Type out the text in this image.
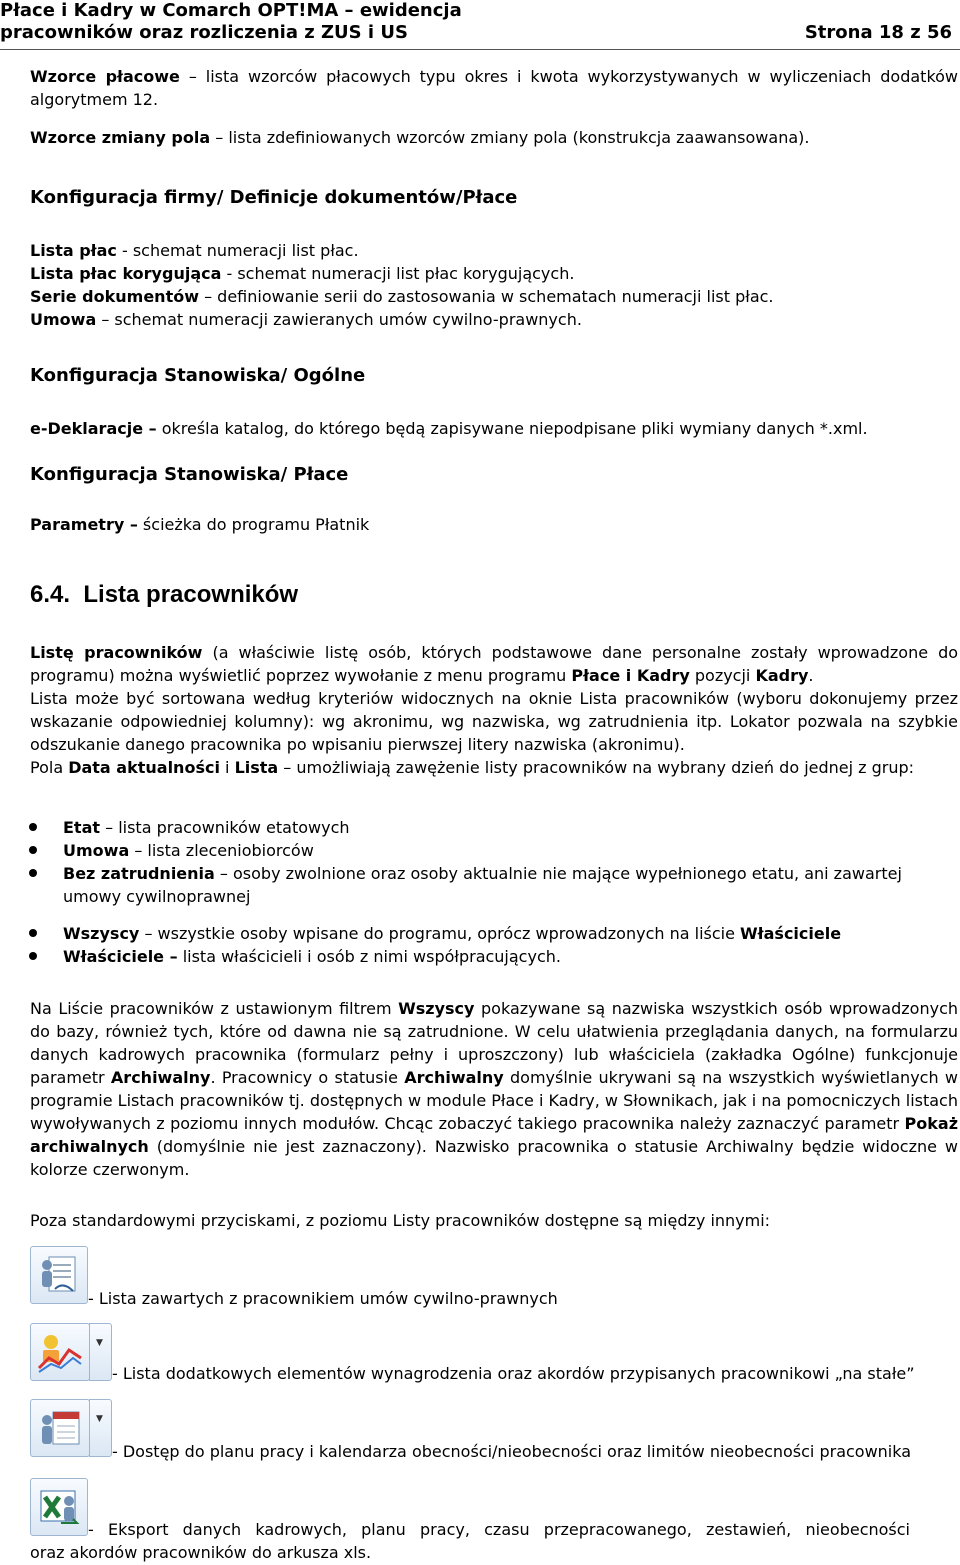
Płace i Kadry w Comarch OPT!MA – ewidencja
pracowników oraz rozliczenia z ZUS i US	Strona 18 z 56
Wzorce płacowe – lista wzorców płacowych typu okres i kwota wykorzystywanych w wyliczeniach dodatków algorytmem 12.
Wzorce zmiany pola – lista zdefiniowanych wzorców zmiany pola (konstrukcja zaawansowana).
Konfiguracja firmy/ Definicje dokumentów/Płace
Lista płac - schemat numeracji list płac.
Lista płac korygująca - schemat numeracji list płac korygujących.
Serie dokumentów – definiowanie serii do zastosowania w schematach numeracji list płac.
Umowa – schemat numeracji zawieranych umów cywilno-prawnych.
Konfiguracja Stanowiska/ Ogólne
e-Deklaracje – określa katalog, do którego będą zapisywane niepodpisane pliki wymiany danych *.xml.
Konfiguracja Stanowiska/ Płace
Parametry – ścieżka do programu Płatnik
6.4. Lista pracowników
Listę pracowników (a właściwie listę osób, których podstawowe dane personalne zostały wprowadzone do programu) można wyświetlić poprzez wywołanie z menu programu Płace i Kadry pozycji Kadry.
Lista może być sortowana według kryteriów widocznych na oknie Lista pracowników (wyboru dokonujemy przez wskazanie odpowiedniej kolumny): wg akronimu, wg nazwiska, wg zatrudnienia itp. Lokator pozwala na szybkie odszukanie danego pracownika po wpisaniu pierwszej litery nazwiska (akronimu).
Pola Data aktualności i Lista – umożliwiają zawężenie listy pracowników na wybrany dzień do jednej z grup:
Etat – lista pracowników etatowych
Umowa – lista zleceniobiorców
Bez zatrudnienia – osoby zwolnione oraz osoby aktualnie nie mające wypełnionego etatu, ani zawartej umowy cywilnoprawnej
Wszyscy – wszystkie osoby wpisane do programu, oprócz wprowadzonych na liście Właściciele
Właściciele – lista właścicieli i osób z nimi współpracujących.
Na Liście pracowników z ustawionym filtrem Wszyscy pokazywane są nazwiska wszystkich osób wprowadzonych do bazy, również tych, które od dawna nie są zatrudnione. W celu ułatwienia przeglądania danych, na formularzu danych kadrowych pracownika (formularz pełny i uproszczony) lub właściciela (zakładka Ogólne) funkcjonuje parametr Archiwalny. Pracownicy o statusie Archiwalny domyślnie ukrywani są na wszystkich wyświetlanych w programie Listach pracowników tj. dostępnych w module Płace i Kadry, w Słownikach, jak i na pomocniczych listach wywoływanych z poziomu innych modułów. Chcąc zobaczyć takiego pracownika należy zaznaczyć parametr Pokaż archiwalnych (domyślnie nie jest zaznaczony). Nazwisko pracownika o statusie Archiwalny będzie widoczne w kolorze czerwonym.
Poza standardowymi przyciskami, z poziomu Listy pracowników dostępne są między innymi:
- Lista zawartych z pracownikiem umów cywilno-prawnych
▼
- Lista dodatkowych elementów wynagrodzenia oraz akordów przypisanych pracownikowi „na stałe”
▼
- Dostęp do planu pracy i kalendarza obecności/nieobecności oraz limitów nieobecności pracownika
- Eksport danych kadrowych, planu pracy, czasu przepracowanego, zestawień, nieobecności
oraz akordów pracowników do arkusza xls.
